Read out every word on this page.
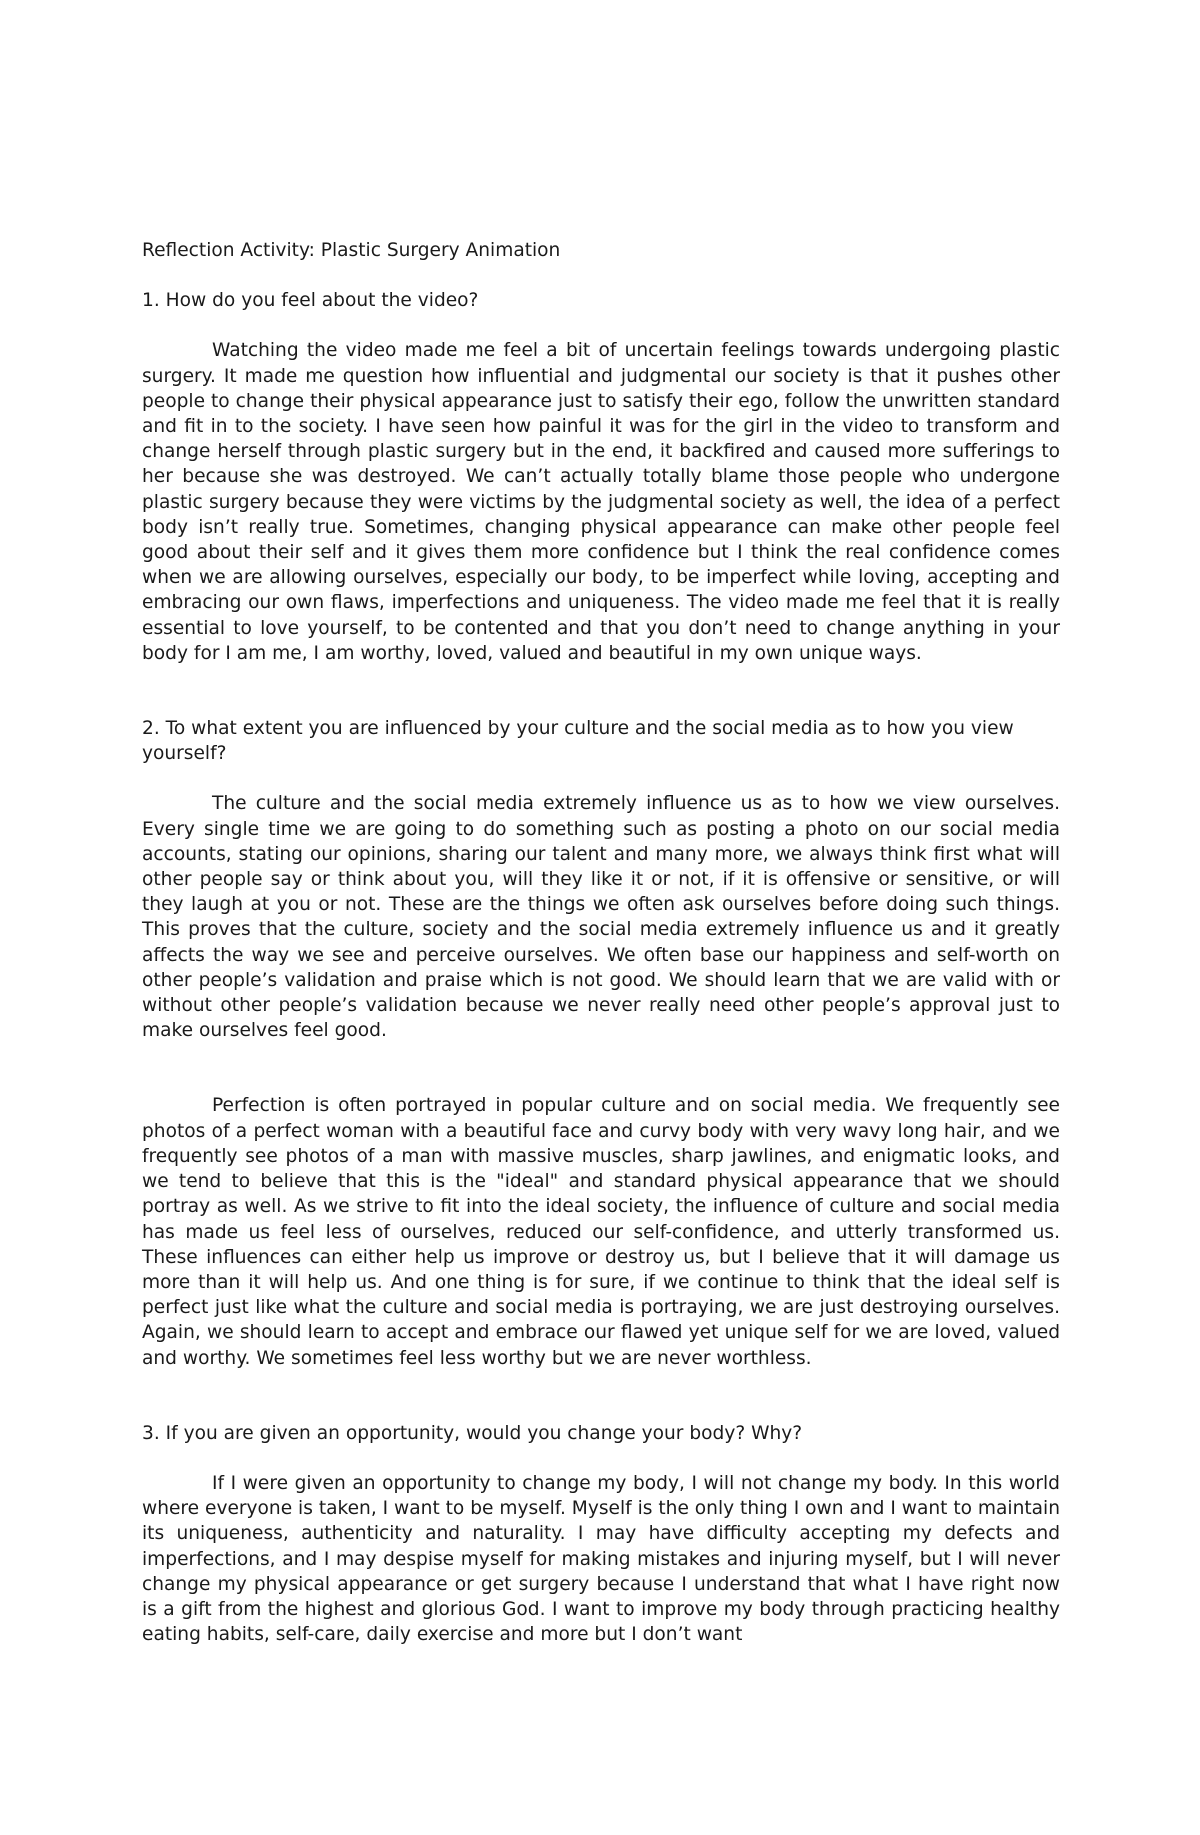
Reflection Activity: Plastic Surgery Animation

1. How do you feel about the video?

Watching the video made me feel a bit of uncertain feelings towards undergoing plastic surgery. It made me question how influential and judgmental our society is that it pushes other people to change their physical appearance just to satisfy their ego, follow the unwritten standard and fit in to the society. I have seen how painful it was for the girl in the video to transform and change herself through plastic surgery but in the end, it backfired and caused more sufferings to her because she was destroyed. We can’t actually totally blame those people who undergone plastic surgery because they were victims by the judgmental society as well, the idea of a perfect body isn’t really true. Sometimes, changing physical appearance can make other people feel good about their self and it gives them more confidence but I think the real confidence comes when we are allowing ourselves, especially our body, to be imperfect while loving, accepting and embracing our own flaws, imperfections and uniqueness. The video made me feel that it is really essential to love yourself, to be contented and that you don’t need to change anything in your body for I am me, I am worthy, loved, valued and beautiful in my own unique ways.

2. To what extent you are influenced by your culture and the social media as to how you view yourself?

The culture and the social media extremely influence us as to how we view ourselves. Every single time we are going to do something such as posting a photo on our social media accounts, stating our opinions, sharing our talent and many more, we always think first what will other people say or think about you, will they like it or not, if it is offensive or sensitive, or will they laugh at you or not. These are the things we often ask ourselves before doing such things. This proves that the culture, society and the social media extremely influence us and it greatly affects the way we see and perceive ourselves. We often base our happiness and self-worth on other people’s validation and praise which is not good. We should learn that we are valid with or without other people’s validation because we never really need other people’s approval just to make ourselves feel good.

Perfection is often portrayed in popular culture and on social media. We frequently see photos of a perfect woman with a beautiful face and curvy body with very wavy long hair, and we frequently see photos of a man with massive muscles, sharp jawlines, and enigmatic looks, and we tend to believe that this is the "ideal" and standard physical appearance that we should portray as well. As we strive to fit into the ideal society, the influence of culture and social media has made us feel less of ourselves, reduced our self-confidence, and utterly transformed us. These influences can either help us improve or destroy us, but I believe that it will damage us more than it will help us. And one thing is for sure, if we continue to think that the ideal self is perfect just like what the culture and social media is portraying, we are just destroying ourselves. Again, we should learn to accept and embrace our flawed yet unique self for we are loved, valued and worthy. We sometimes feel less worthy but we are never worthless.

3. If you are given an opportunity, would you change your body? Why?

If I were given an opportunity to change my body, I will not change my body. In this world where everyone is taken, I want to be myself. Myself is the only thing I own and I want to maintain its uniqueness, authenticity and naturality. I may have difficulty accepting my defects and imperfections, and I may despise myself for making mistakes and injuring myself, but I will never change my physical appearance or get surgery because I understand that what I have right now is a gift from the highest and glorious God. I want to improve my body through practicing healthy eating habits, self-care, daily exercise and more but I don’t want
